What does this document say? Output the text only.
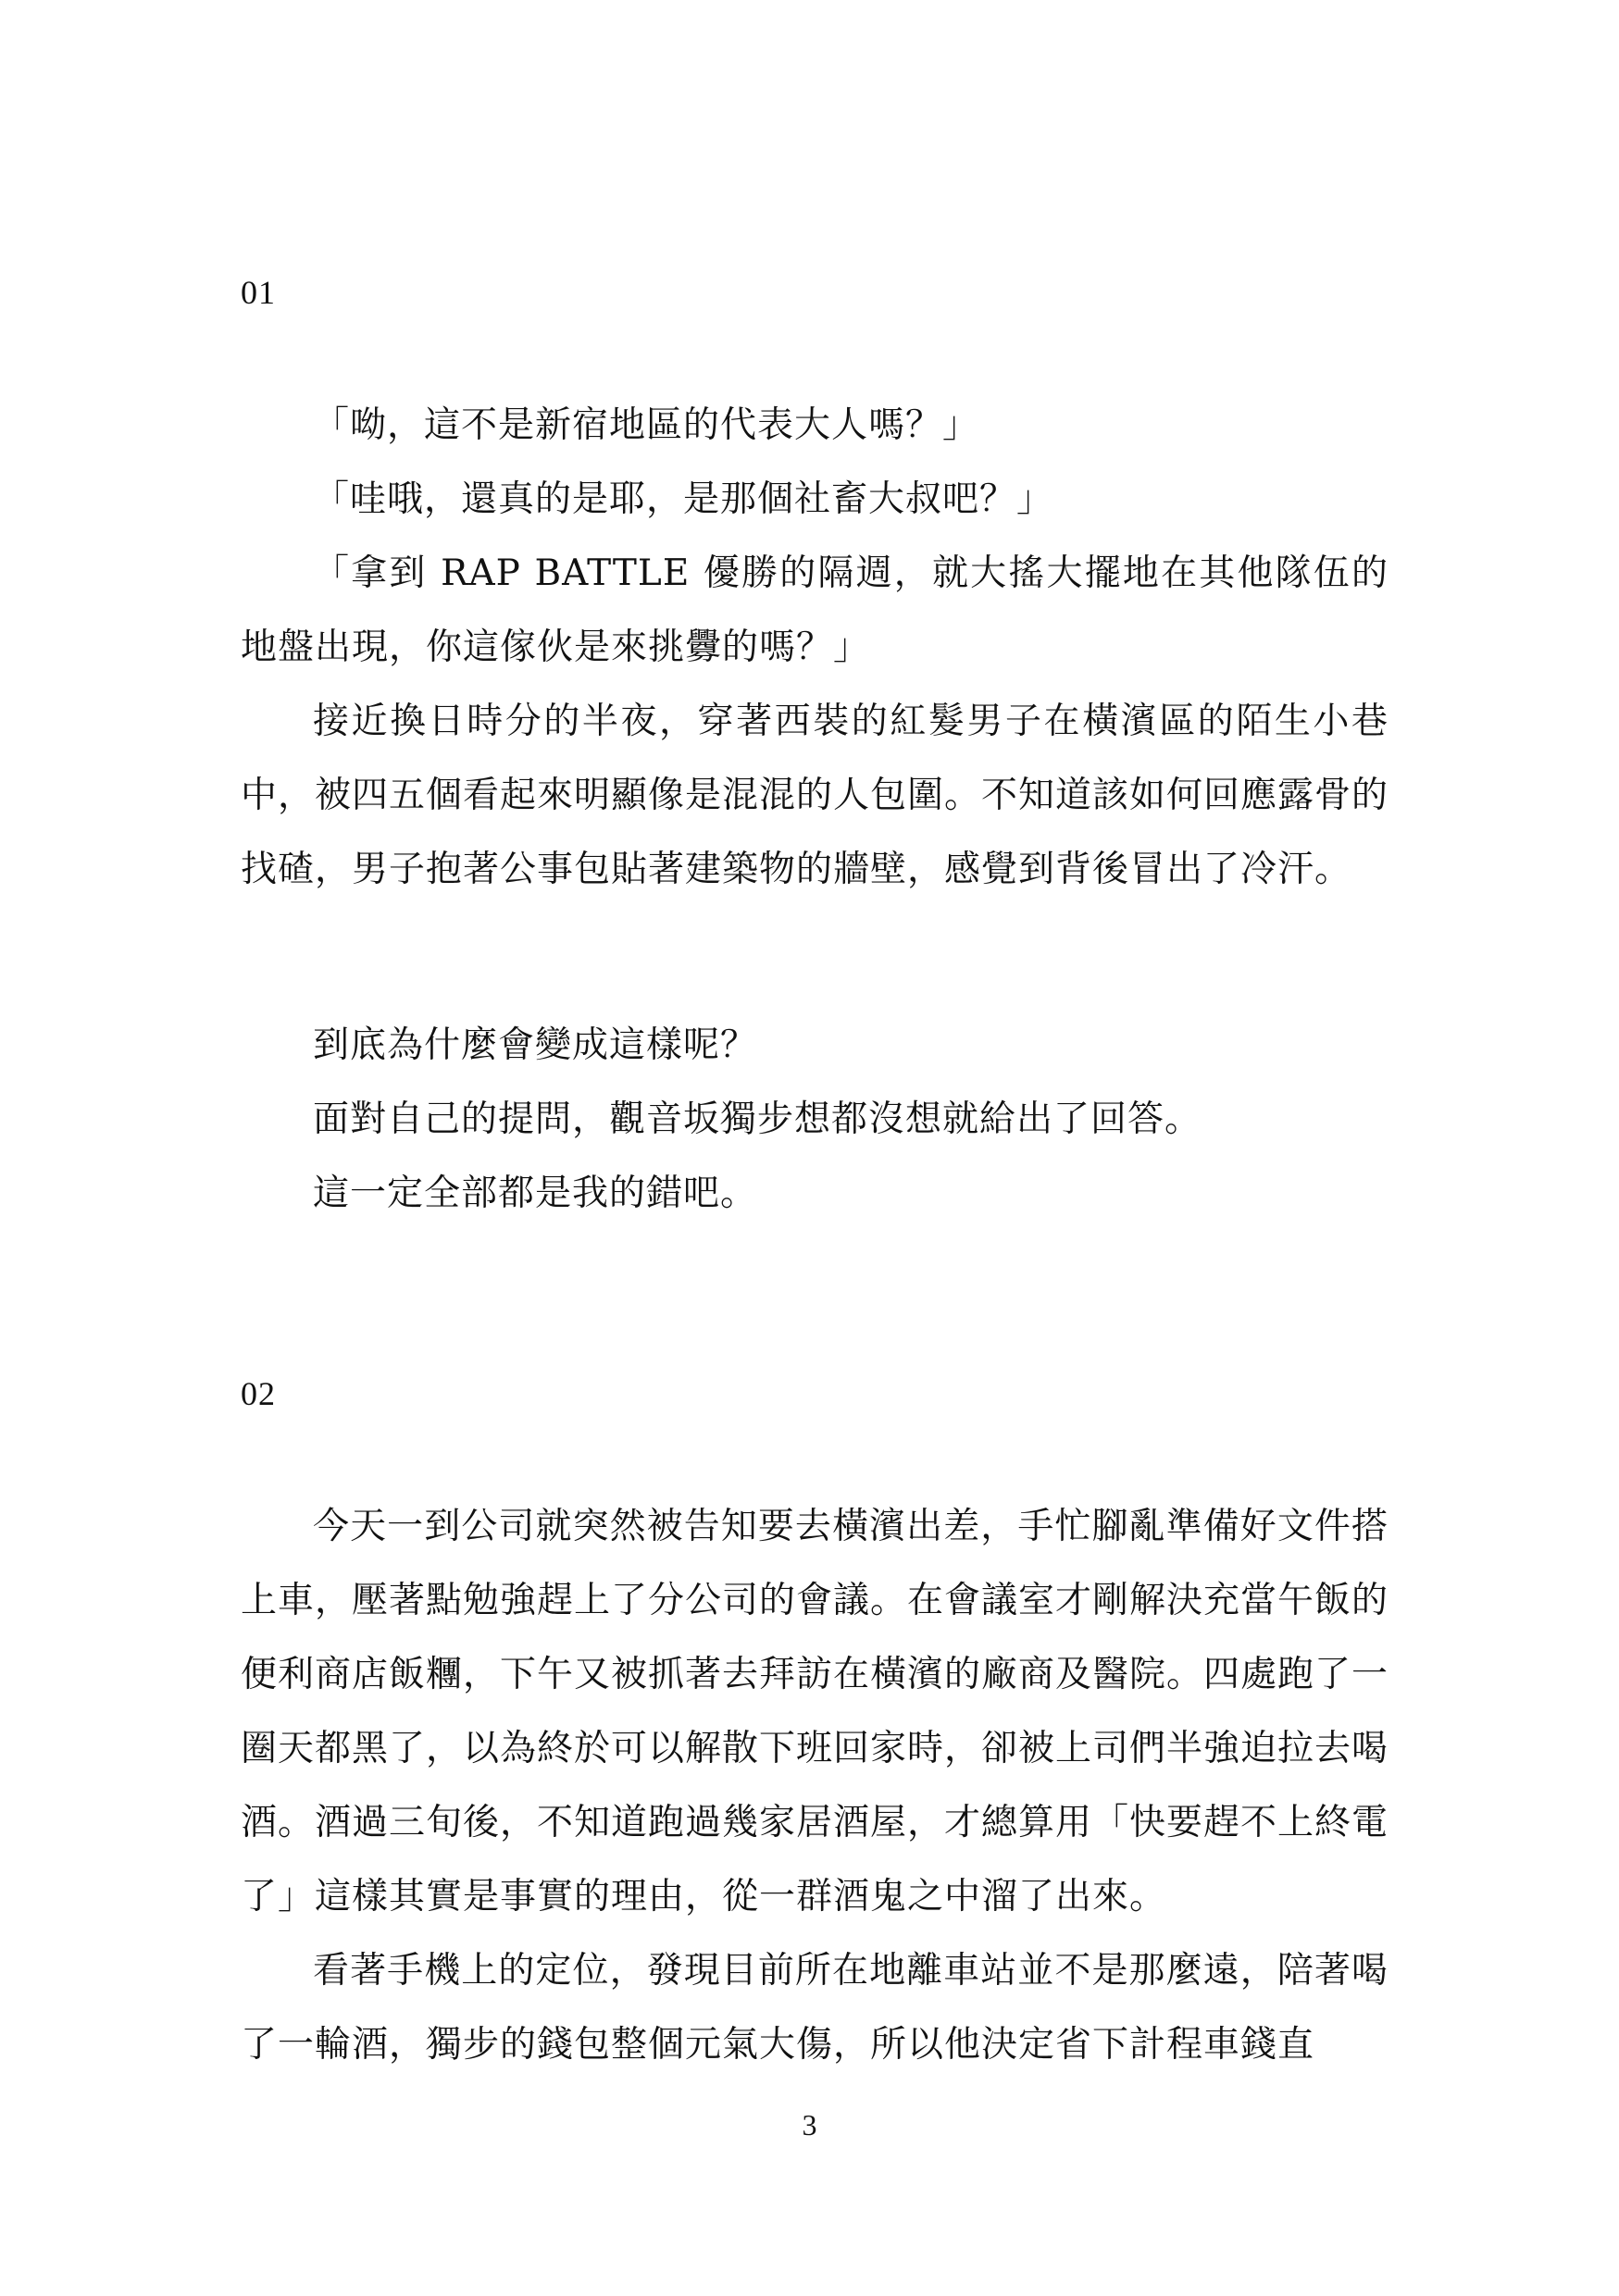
01

「呦，這不是新宿地區的代表大人嗎？」

「哇哦，還真的是耶，是那個社畜大叔吧？」

「拿到 RAP BATTLE 優勝的隔週，就大搖大擺地在其他隊伍的地盤出現，你這傢伙是來挑釁的嗎？」

接近換日時分的半夜，穿著西裝的紅髮男子在橫濱區的陌生小巷中，被四五個看起來明顯像是混混的人包圍。不知道該如何回應露骨的找碴，男子抱著公事包貼著建築物的牆壁，感覺到背後冒出了冷汗。

到底為什麼會變成這樣呢？

面對自己的提問，觀音坂獨步想都沒想就給出了回答。

這一定全部都是我的錯吧。

02

今天一到公司就突然被告知要去橫濱出差，手忙腳亂準備好文件搭上車，壓著點勉強趕上了分公司的會議。在會議室才剛解決充當午飯的便利商店飯糰，下午又被抓著去拜訪在橫濱的廠商及醫院。四處跑了一圈天都黑了，以為終於可以解散下班回家時，卻被上司們半強迫拉去喝酒。酒過三旬後，不知道跑過幾家居酒屋，才總算用「快要趕不上終電了」這樣其實是事實的理由，從一群酒鬼之中溜了出來。

看著手機上的定位，發現目前所在地離車站並不是那麼遠，陪著喝了一輪酒，獨步的錢包整個元氣大傷，所以他決定省下計程車錢直

3
